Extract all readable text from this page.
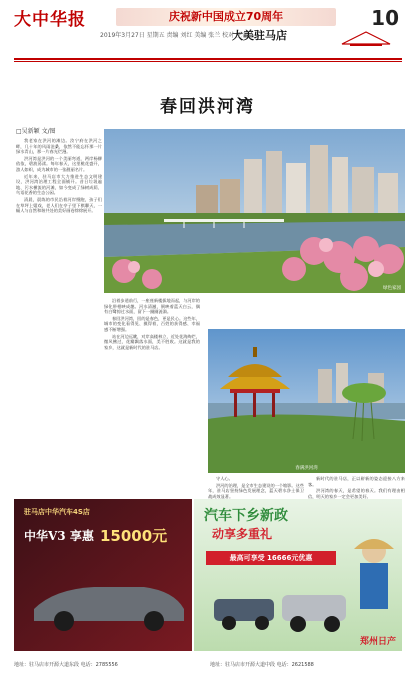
大中华报	庆祝新中国成立70周年	10
2019年3月27日 星期五 责编 刘红 美编 张兰 校对 王菲
大美驻马店
春回洪河湾
□吴新颖 文/图
绿色家园

我老家在洪河的滩边。汝宁府在洪河之畔，几十年的风雨沧桑，依然不能忘怀那一片绿水青山，那一片春光烂漫。

洪河湾是洪河的一个美丽弯道，两岸杨柳依依，碧波荡漾。每年春天，这里桃花盛开，游人如织，成为城市的一张靓丽名片。

近年来，驻马店市大力推进生态文明建设，洪河湾治理工程全面铺开。昔日垃圾遍地、污水横流的河滩，如今变成了绿树成荫、鸟语花香的生态公园。

清晨，晨练的市民沿着河岸慢跑，孩子们在草坪上嬉戏，老人们在亭子里下棋聊天，一幅人与自然和谐共处的美好画卷徐徐展开。

沿着步道前行，一座座新楼拔地而起，与河岸的绿化带相映成趣。河水清澈，倒映着蓝天白云，偶有白鹭掠过水面，留下一圈圈涟漪。

春回洪河湾，回的是春色，更是民心。这些年，城市的变化看得见、摸得着，百姓的获得感、幸福感不断增强。

站在河边远眺，对岸高楼林立，近处花海绚烂，微风拂过，花瓣飘落水面，美不胜收。这就是我的家乡，这就是新时代的驻马店。

春满洪河湾

守人心。

洪河的治理，是全市生态建设的一个缩影。这些年，驻马店坚持绿色发展理念，蓝天碧水净土保卫战成效显著。

新时代的驻马店，正以崭新的姿态迎接八方来客。

洪河湾的春天，是希望的春天。我们有理由相信，明天的家乡一定会更加美好。

驻马店中华汽车4S店
中华V3 享惠 15000元
汽车下乡新政
动享多重礼
最高可享受 16666元优惠
郑州日产
地址：驻马店市开源大道东段 电话：2785556	地址：驻马店市开源大道中段 电话：2621588
